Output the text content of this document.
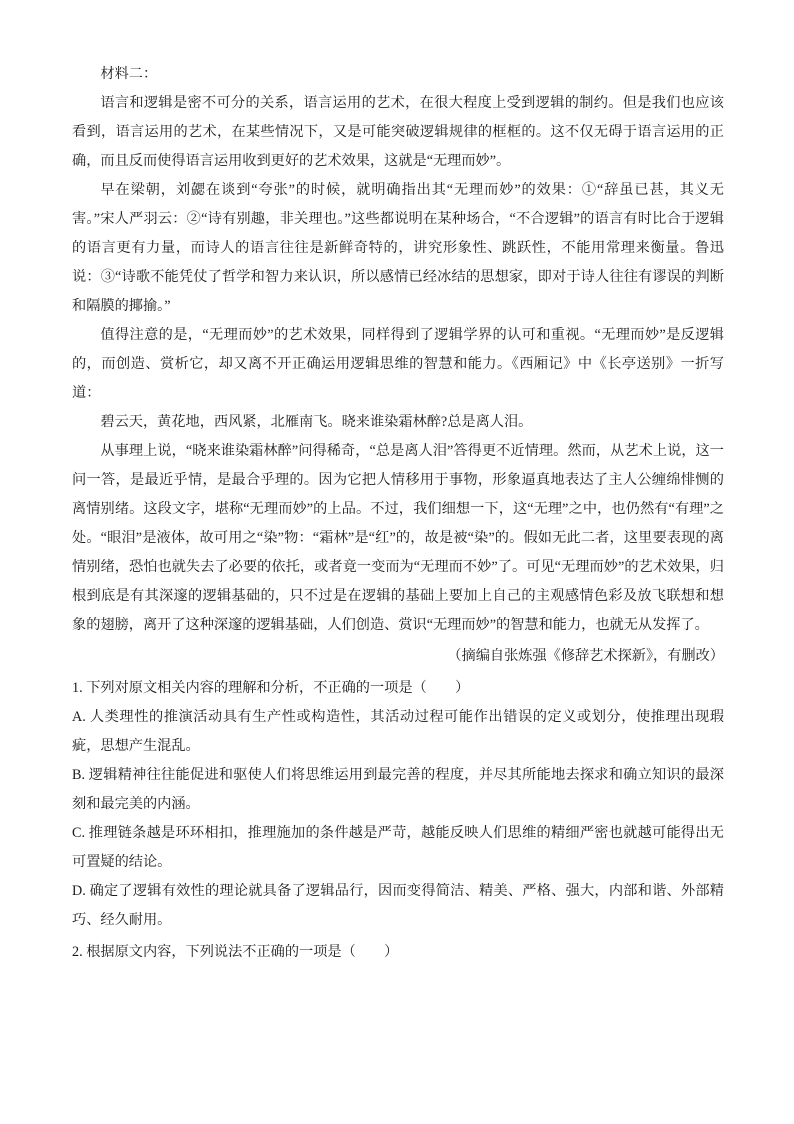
材料二：

语言和逻辑是密不可分的关系，语言运用的艺术，在很大程度上受到逻辑的制约。但是我们也应该看到，语言运用的艺术，在某些情况下，又是可能突破逻辑规律的框框的。这不仅无碍于语言运用的正确，而且反而使得语言运用收到更好的艺术效果，这就是“无理而妙”。

早在梁朝，刘勰在谈到“夸张”的时候，就明确指出其“无理而妙”的效果：①“辞虽已甚，其义无害。”宋人严羽云：②“诗有别趣，非关理也。”这些都说明在某种场合，“不合逻辑”的语言有时比合于逻辑的语言更有力量，而诗人的语言往往是新鲜奇特的，讲究形象性、跳跃性，不能用常理来衡量。鲁迅说：③“诗歌不能凭仗了哲学和智力来认识，所以感情已经冰结的思想家，即对于诗人往往有谬误的判断和隔膜的揶揄。”

值得注意的是，“无理而妙”的艺术效果，同样得到了逻辑学界的认可和重视。“无理而妙”是反逻辑的，而创造、赏析它，却又离不开正确运用逻辑思维的智慧和能力。《西厢记》中《长亭送别》一折写道：

碧云天，黄花地，西风紧，北雁南飞。晓来谁染霜林醉?总是离人泪。

从事理上说，“晓来谁染霜林醉”问得稀奇，“总是离人泪”答得更不近情理。然而，从艺术上说，这一问一答，是最近乎情，是最合乎理的。因为它把人情移用于事物，形象逼真地表达了主人公缠绵悱恻的离情别绪。这段文字，堪称“无理而妙”的上品。不过，我们细想一下，这“无理”之中，也仍然有“有理”之处。“眼泪”是液体，故可用之“染”物：“霜林”是“红”的，故是被“染”的。假如无此二者，这里要表现的离情别绪，恐怕也就失去了必要的依托，或者竟一变而为“无理而不妙”了。可见“无理而妙”的艺术效果，归根到底是有其深邃的逻辑基础的，只不过是在逻辑的基础上要加上自己的主观感情色彩及放飞联想和想象的翅膀，离开了这种深邃的逻辑基础，人们创造、赏识“无理而妙”的智慧和能力，也就无从发挥了。

（摘编自张炼强《修辞艺术探新》，有删改）

1. 下列对原文相关内容的理解和分析，不正确的一项是（　　）

A. 人类理性的推演活动具有生产性或构造性，其活动过程可能作出错误的定义或划分，使推理出现瑕疵，思想产生混乱。

B. 逻辑精神往往能促进和驱使人们将思维运用到最完善的程度，并尽其所能地去探求和确立知识的最深刻和最完美的内涵。

C. 推理链条越是环环相扣，推理施加的条件越是严苛，越能反映人们思维的精细严密也就越可能得出无可置疑的结论。

D. 确定了逻辑有效性的理论就具备了逻辑品行，因而变得简洁、精美、严格、强大，内部和谐、外部精巧、经久耐用。

2. 根据原文内容，下列说法不正确的一项是（　　）
